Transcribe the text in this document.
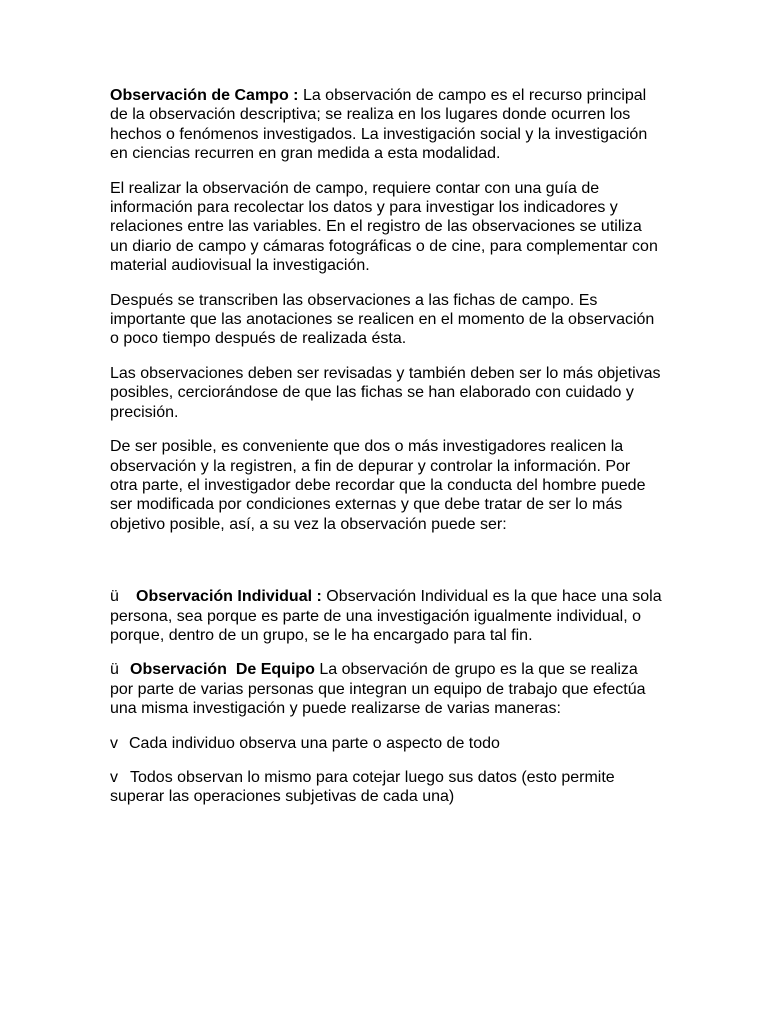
Observación de Campo : La observación de campo es el recurso principal de la observación descriptiva; se realiza en los lugares donde ocurren los hechos o fenómenos investigados. La investigación social y la investigación en ciencias recurren en gran medida a esta modalidad.

El realizar la observación de campo, requiere contar con una guía de información para recolectar los datos y para investigar los indicadores y relaciones entre las variables. En el registro de las observaciones se utiliza un diario de campo y cámaras fotográficas o de cine, para complementar con material audiovisual la investigación.

Después se transcriben las observaciones a las fichas de campo. Es importante que las anotaciones se realicen en el momento de la observación o poco tiempo después de realizada ésta.

Las observaciones deben ser revisadas y también deben ser lo más objetivas posibles, cerciorándose de que las fichas se han elaborado con cuidado y precisión.

De ser posible, es conveniente que dos o más investigadores realicen la observación y la registren, a fin de depurar y controlar la información. Por otra parte, el investigador debe recordar que la conducta del hombre puede ser modificada por condiciones externas y que debe tratar de ser lo más objetivo posible, así, a su vez la observación puede ser:

ü Observación Individual : Observación Individual es la que hace una sola persona, sea porque es parte de una investigación igualmente individual, o porque, dentro de un grupo, se le ha encargado para tal fin.

ü Observación  De Equipo La observación de grupo es la que se realiza por parte de varias personas que integran un equipo de trabajo que efectúa una misma investigación y puede realizarse de varias maneras:

v Cada individuo observa una parte o aspecto de todo

v Todos observan lo mismo para cotejar luego sus datos (esto permite superar las operaciones subjetivas de cada una)
